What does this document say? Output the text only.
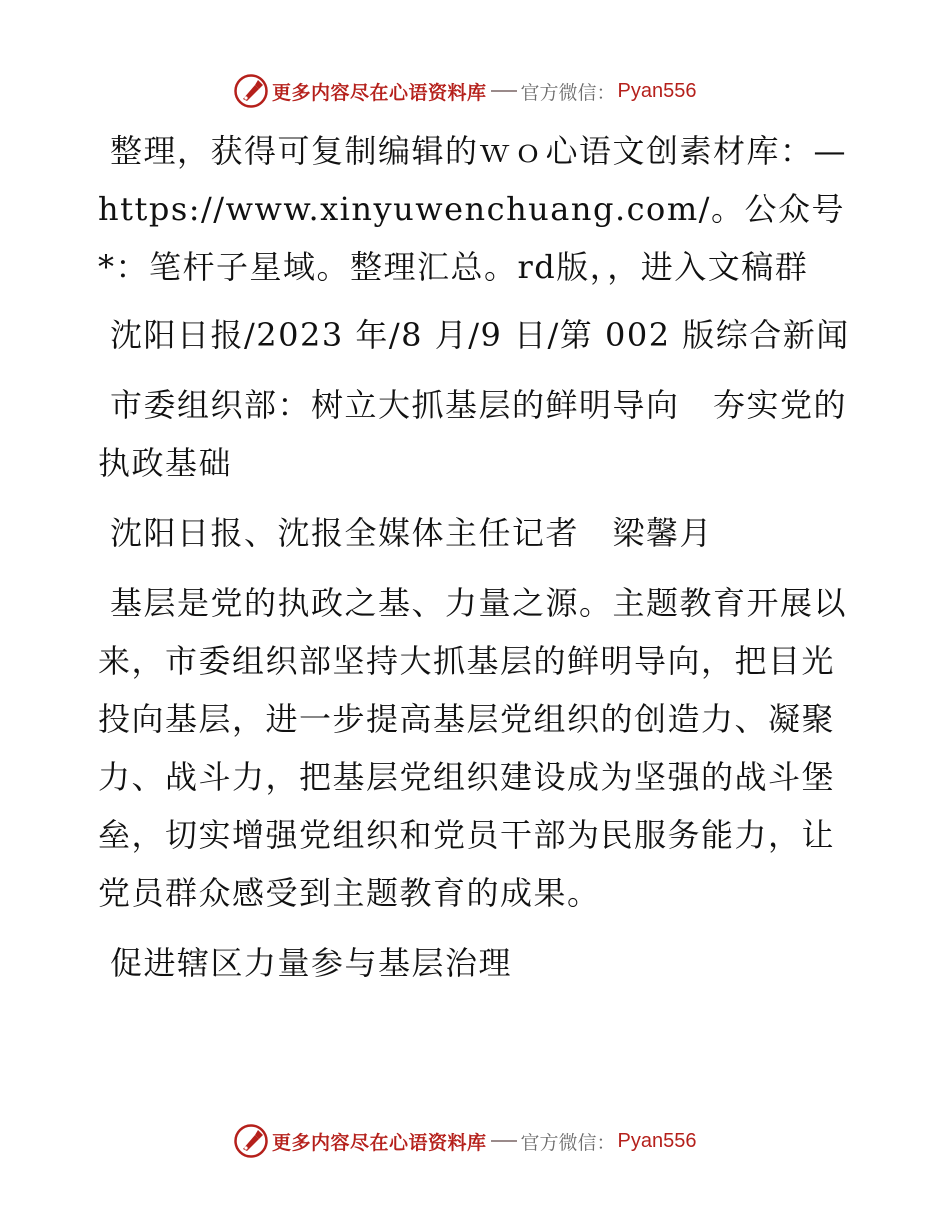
更多内容尽在心语资料库 官方微信： Pyan556

整理，获得可复制编辑的ｗｏ心语文创素材库：—https://www.xinyuwenchuang.com/。公众号*：笔杆子星域。整理汇总。rd版，，进入文稿群

沈阳日报/2023 年/8 月/9 日/第 002 版综合新闻

市委组织部：树立大抓基层的鲜明导向　夯实党的执政基础

沈阳日报、沈报全媒体主任记者　梁馨月

基层是党的执政之基、力量之源。主题教育开展以来，市委组织部坚持大抓基层的鲜明导向，把目光投向基层，进一步提高基层党组织的创造力、凝聚力、战斗力，把基层党组织建设成为坚强的战斗堡垒，切实增强党组织和党员干部为民服务能力，让党员群众感受到主题教育的成果。

促进辖区力量参与基层治理

更多内容尽在心语资料库 官方微信： Pyan556
